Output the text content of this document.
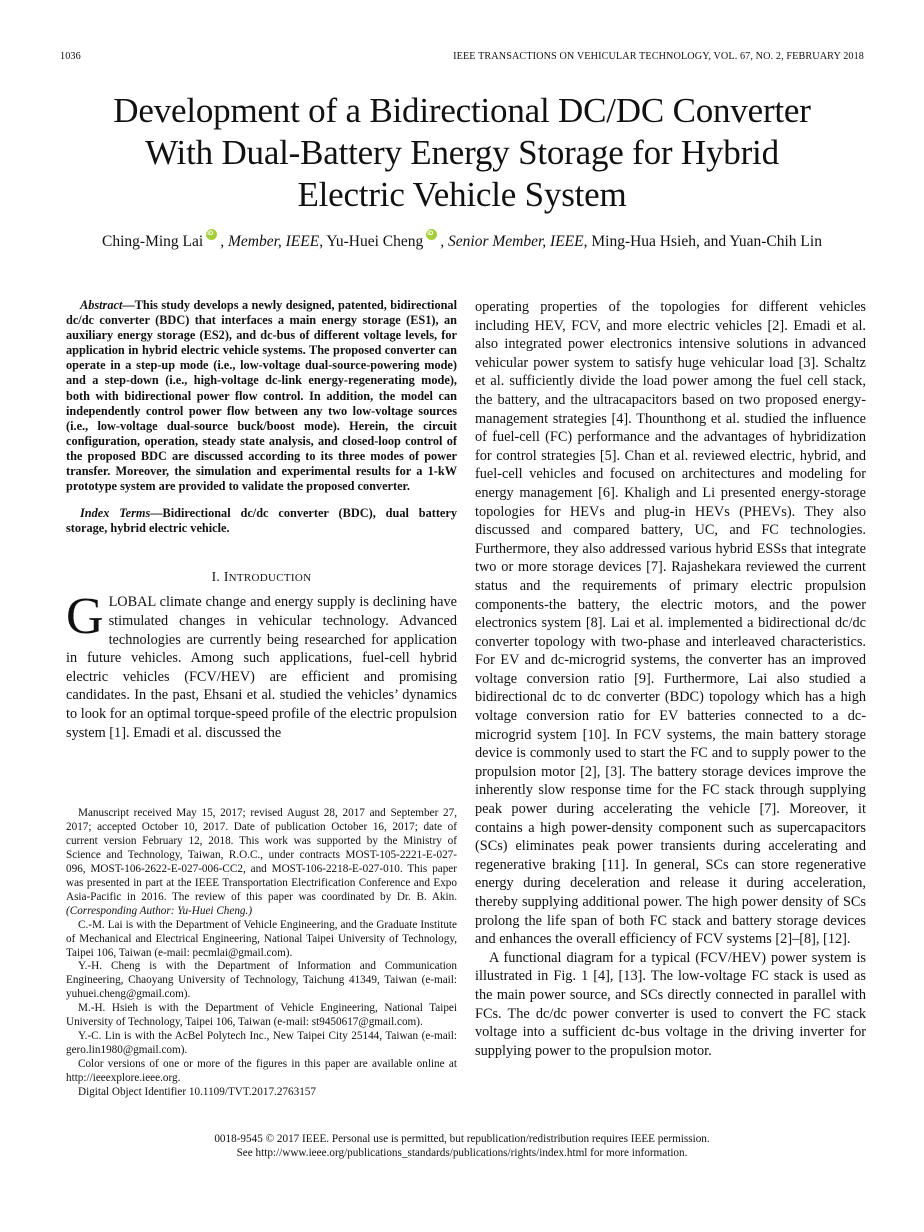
1036	IEEE TRANSACTIONS ON VEHICULAR TECHNOLOGY, VOL. 67, NO. 2, FEBRUARY 2018
Development of a Bidirectional DC/DC Converter
With Dual-Battery Energy Storage for Hybrid
Electric Vehicle System
Ching-Ming Lai iD , Member, IEEE, Yu-Huei Cheng iD , Senior Member, IEEE, Ming-Hua Hsieh, and Yuan-Chih Lin

Abstract—This study develops a newly designed, patented, bidirectional dc/dc converter (BDC) that interfaces a main energy storage (ES1), an auxiliary energy storage (ES2), and dc-bus of different voltage levels, for application in hybrid electric vehicle systems. The proposed converter can operate in a step-up mode (i.e., low-voltage dual-source-powering mode) and a step-down (i.e., high-voltage dc-link energy-regenerating mode), both with bidirectional power flow control. In addition, the model can independently control power flow between any two low-voltage sources (i.e., low-voltage dual-source buck/boost mode). Herein, the circuit configuration, operation, steady state analysis, and closed-loop control of the proposed BDC are discussed according to its three modes of power transfer. Moreover, the simulation and experimental results for a 1-kW prototype system are provided to validate the proposed converter.

Index Terms—Bidirectional dc/dc converter (BDC), dual battery storage, hybrid electric vehicle.

I. INTRODUCTION

GLOBAL climate change and energy supply is declining have stimulated changes in vehicular technology. Advanced technologies are currently being researched for application in future vehicles. Among such applications, fuel-cell hybrid electric vehicles (FCV/HEV) are efficient and promising candidates. In the past, Ehsani et al. studied the vehicles’ dynamics to look for an optimal torque-speed profile of the electric propulsion system [1]. Emadi et al. discussed the

Manuscript received May 15, 2017; revised August 28, 2017 and September 27, 2017; accepted October 10, 2017. Date of publication October 16, 2017; date of current version February 12, 2018. This work was supported by the Ministry of Science and Technology, Taiwan, R.O.C., under contracts MOST-105-2221-E-027-096, MOST-106-2622-E-027-006-CC2, and MOST-106-2218-E-027-010. This paper was presented in part at the IEEE Transportation Electrification Conference and Expo Asia-Pacific in 2016. The review of this paper was coordinated by Dr. B. Akin. (Corresponding Author: Yu-Huei Cheng.)

C.-M. Lai is with the Department of Vehicle Engineering, and the Graduate Institute of Mechanical and Electrical Engineering, National Taipei University of Technology, Taipei 106, Taiwan (e-mail: pecmlai@gmail.com).

Y.-H. Cheng is with the Department of Information and Communication Engineering, Chaoyang University of Technology, Taichung 41349, Taiwan (e-mail: yuhuei.cheng@gmail.com).

M.-H. Hsieh is with the Department of Vehicle Engineering, National Taipei University of Technology, Taipei 106, Taiwan (e-mail: st9450617@gmail.com).

Y.-C. Lin is with the AcBel Polytech Inc., New Taipei City 25144, Taiwan (e-mail: gero.lin1980@gmail.com).

Color versions of one or more of the figures in this paper are available online at http://ieeexplore.ieee.org.

Digital Object Identifier 10.1109/TVT.2017.2763157

operating properties of the topologies for different vehicles including HEV, FCV, and more electric vehicles [2]. Emadi et al. also integrated power electronics intensive solutions in advanced vehicular power system to satisfy huge vehicular load [3]. Schaltz et al. sufficiently divide the load power among the fuel cell stack, the battery, and the ultracapacitors based on two proposed energy-management strategies [4]. Thounthong et al. studied the influence of fuel-cell (FC) performance and the advantages of hybridization for control strategies [5]. Chan et al. reviewed electric, hybrid, and fuel-cell vehicles and focused on architectures and modeling for energy management [6]. Khaligh and Li presented energy-storage topologies for HEVs and plug-in HEVs (PHEVs). They also discussed and compared battery, UC, and FC technologies. Furthermore, they also addressed various hybrid ESSs that integrate two or more storage devices [7]. Rajashekara reviewed the current status and the requirements of primary electric propulsion components-the battery, the electric motors, and the power electronics system [8]. Lai et al. implemented a bidirectional dc/dc converter topology with two-phase and interleaved characteristics. For EV and dc-microgrid systems, the converter has an improved voltage conversion ratio [9]. Furthermore, Lai also studied a bidirectional dc to dc converter (BDC) topology which has a high voltage conversion ratio for EV batteries connected to a dc-microgrid system [10]. In FCV systems, the main battery storage device is commonly used to start the FC and to supply power to the propulsion motor [2], [3]. The battery storage devices improve the inherently slow response time for the FC stack through supplying peak power during accelerating the vehicle [7]. Moreover, it contains a high power-density component such as supercapacitors (SCs) eliminates peak power transients during accelerating and regenerative braking [11]. In general, SCs can store regenerative energy during deceleration and release it during acceleration, thereby supplying additional power. The high power density of SCs prolong the life span of both FC stack and battery storage devices and enhances the overall efficiency of FCV systems [2]–[8], [12].

A functional diagram for a typical (FCV/HEV) power system is illustrated in Fig. 1 [4], [13]. The low-voltage FC stack is used as the main power source, and SCs directly connected in parallel with FCs. The dc/dc power converter is used to convert the FC stack voltage into a sufficient dc-bus voltage in the driving inverter for supplying power to the propulsion motor.

0018-9545 © 2017 IEEE. Personal use is permitted, but republication/redistribution requires IEEE permission.
See http://www.ieee.org/publications_standards/publications/rights/index.html for more information.
